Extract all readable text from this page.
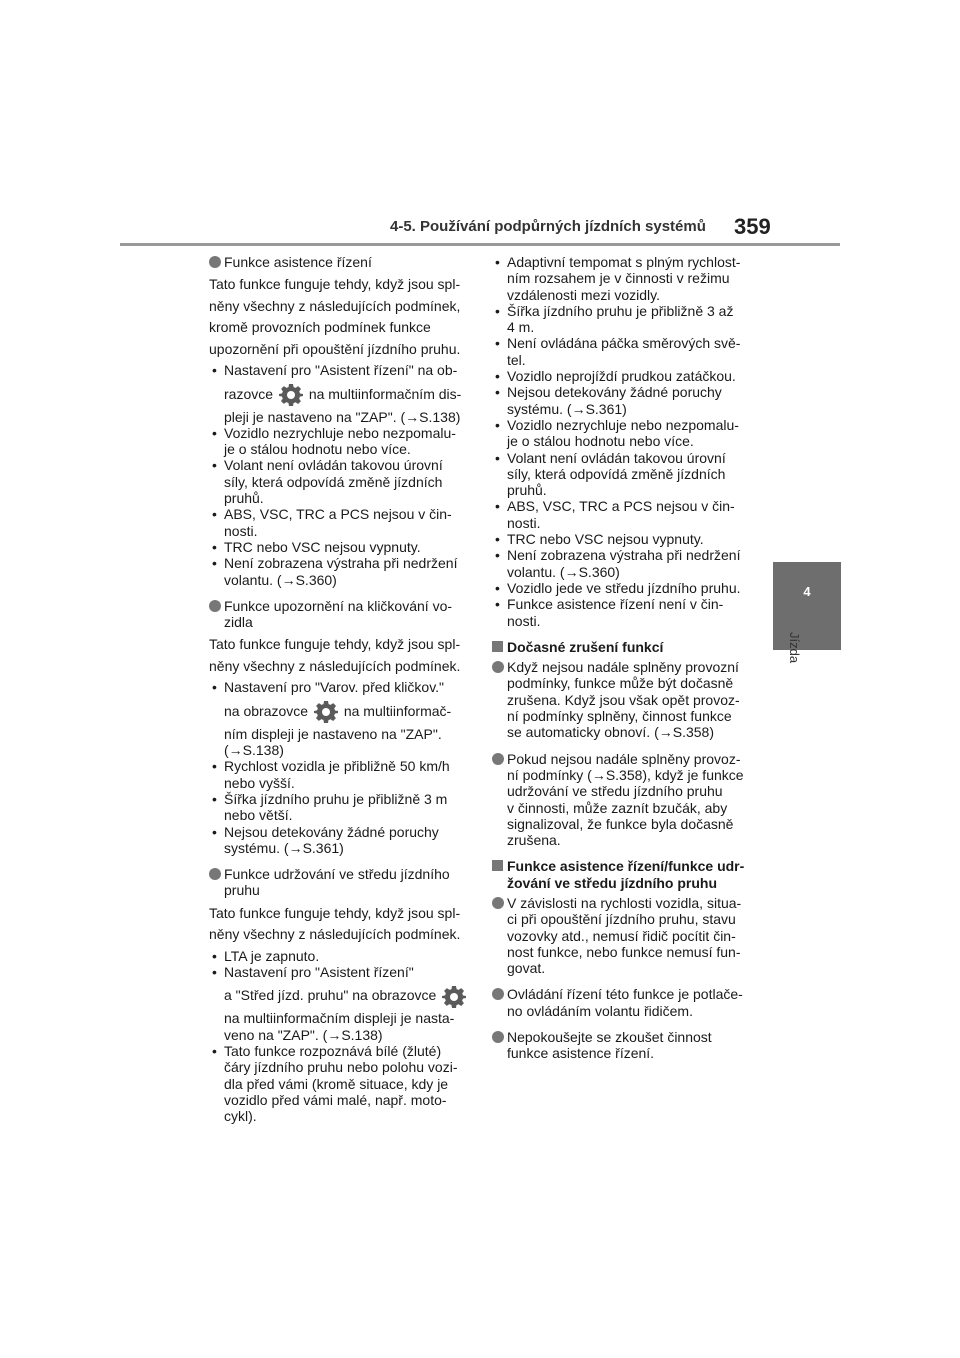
4-5. Používání podpůrných jízdních systémů 359
4
Jízda
Funkce asistence řízení
Tato funkce funguje tehdy, když jsou spl-
něny všechny z následujících podmínek,
kromě provozních podmínek funkce
upozornění při opouštění jízdního pruhu.
• Nastavení pro "Asistent řízení" na ob-
razovce	na multiinformačním dis-
pleji je nastaveno na "ZAP". (→S.138)
• Vozidlo nezrychluje nebo nezpomalu-
je o stálou hodnotu nebo více.
• Volant není ovládán takovou úrovní
síly, která odpovídá změně jízdních
pruhů.
• ABS, VSC, TRC a PCS nejsou v čin-
nosti.
• TRC nebo VSC nejsou vypnuty.
• Není zobrazena výstraha při nedržení
volantu. (→S.360)
Funkce upozornění na kličkování vo-
zidla
Tato funkce funguje tehdy, když jsou spl-
něny všechny z následujících podmínek.
• Nastavení pro "Varov. před kličkov."
na obrazovce	na multiinformač-
ním displeji je nastaveno na "ZAP".
(→S.138)
• Rychlost vozidla je přibližně 50 km/h
nebo vyšší.
• Šířka jízdního pruhu je přibližně 3 m
nebo větší.
• Nejsou detekovány žádné poruchy
systému. (→S.361)
Funkce udržování ve středu jízdního
pruhu
Tato funkce funguje tehdy, když jsou spl-
něny všechny z následujících podmínek.
• LTA je zapnuto.
• Nastavení pro "Asistent řízení"
a "Střed jízd. pruhu" na obrazovce
na multiinformačním displeji je nasta-
veno na "ZAP". (→S.138)
• Tato funkce rozpoznává bílé (žluté)
čáry jízdního pruhu nebo polohu vozi-
dla před vámi (kromě situace, kdy je
vozidlo před vámi malé, např. moto-
cykl).
• Adaptivní tempomat s plným rychlost-
ním rozsahem je v činnosti v režimu
vzdálenosti mezi vozidly.
• Šířka jízdního pruhu je přibližně 3 až
4 m.
• Není ovládána páčka směrových svě-
tel.
• Vozidlo neprojíždí prudkou zatáčkou.
• Nejsou detekovány žádné poruchy
systému. (→S.361)
• Vozidlo nezrychluje nebo nezpomalu-
je o stálou hodnotu nebo více.
• Volant není ovládán takovou úrovní
síly, která odpovídá změně jízdních
pruhů.
• ABS, VSC, TRC a PCS nejsou v čin-
nosti.
• TRC nebo VSC nejsou vypnuty.
• Není zobrazena výstraha při nedržení
volantu. (→S.360)
• Vozidlo jede ve středu jízdního pruhu.
• Funkce asistence řízení není v čin-
nosti.
Dočasné zrušení funkcí
Když nejsou nadále splněny provozní
podmínky, funkce může být dočasně
zrušena. Když jsou však opět provoz-
ní podmínky splněny, činnost funkce
se automaticky obnoví. (→S.358)
Pokud nejsou nadále splněny provoz-
ní podmínky (→S.358), když je funkce
udržování ve středu jízdního pruhu
v činnosti, může zaznít bzučák, aby
signalizoval, že funkce byla dočasně
zrušena.
Funkce asistence řízení/funkce udr-
žování ve středu jízdního pruhu
V závislosti na rychlosti vozidla, situa-
ci při opouštění jízdního pruhu, stavu
vozovky atd., nemusí řidič pocítit čin-
nost funkce, nebo funkce nemusí fun-
govat.
Ovládání řízení této funkce je potlače-
no ovládáním volantu řidičem.
Nepokoušejte se zkoušet činnost
funkce asistence řízení.
